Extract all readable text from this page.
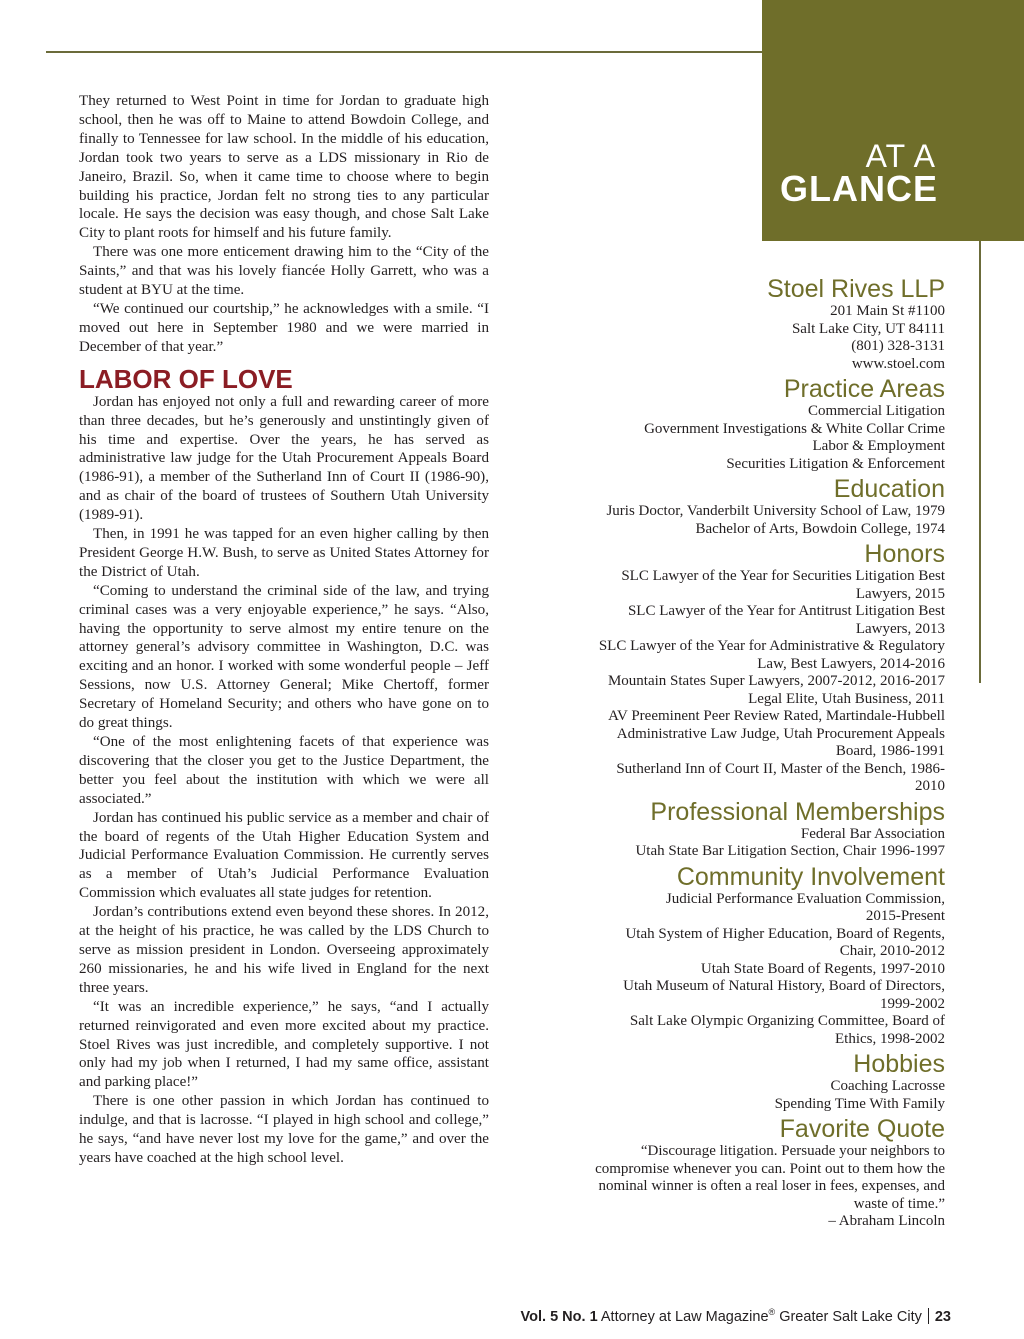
AT A
GLANCE

They returned to West Point in time for Jordan to graduate high school, then he was off to Maine to attend Bowdoin College, and finally to Tennessee for law school. In the middle of his education, Jordan took two years to serve as a LDS missionary in Rio de Janeiro, Brazil. So, when it came time to choose where to begin building his practice, Jordan felt no strong ties to any particular locale. He says the decision was easy though, and chose Salt Lake City to plant roots for himself and his future family.

There was one more enticement drawing him to the “City of the Saints,” and that was his lovely fiancée Holly Garrett, who was a student at BYU at the time.

“We continued our courtship,” he acknowledges with a smile. “I moved out here in September 1980 and we were married in December of that year.”

LABOR OF LOVE

Jordan has enjoyed not only a full and rewarding career of more than three decades, but he’s generously and unstintingly given of his time and expertise. Over the years, he has served as administrative law judge for the Utah Procurement Appeals Board (1986-91), a member of the Sutherland Inn of Court II (1986-90), and as chair of the board of trustees of Southern Utah University (1989-91).

Then, in 1991 he was tapped for an even higher calling by then President George H.W. Bush, to serve as United States Attorney for the District of Utah.

“Coming to understand the criminal side of the law, and trying criminal cases was a very enjoyable experience,” he says. “Also, having the opportunity to serve almost my entire tenure on the attorney general’s advisory committee in Washington, D.C. was exciting and an honor. I worked with some wonderful people – Jeff Sessions, now U.S. Attorney General; Mike Chertoff, former Secretary of Homeland Security; and others who have gone on to do great things.

“One of the most enlightening facets of that experience was discovering that the closer you get to the Justice Department, the better you feel about the institution with which we were all associated.”

Jordan has continued his public service as a member and chair of the board of regents of the Utah Higher Education System and Judicial Performance Evaluation Commission. He currently serves as a member of Utah’s Judicial Performance Evaluation Commission which evaluates all state judges for retention.

Jordan’s contributions extend even beyond these shores. In 2012, at the height of his practice, he was called by the LDS Church to serve as mission president in London. Overseeing approximately 260 missionaries, he and his wife lived in England for the next three years.

“It was an incredible experience,” he says, “and I actually returned reinvigorated and even more excited about my practice. Stoel Rives was just incredible, and completely supportive. I not only had my job when I returned, I had my same office, assistant and parking place!”

There is one other passion in which Jordan has continued to indulge, and that is lacrosse. “I played in high school and college,” he says, “and have never lost my love for the game,” and over the years have coached at the high school level.

Stoel Rives LLP
201 Main St #1100
Salt Lake City, UT 84111
(801) 328-3131
www.stoel.com
Practice Areas
Commercial Litigation
Government Investigations & White Collar Crime
Labor & Employment
Securities Litigation & Enforcement
Education
Juris Doctor, Vanderbilt University School of Law, 1979
Bachelor of Arts, Bowdoin College, 1974
Honors
SLC Lawyer of the Year for Securities Litigation Best
Lawyers, 2015
SLC Lawyer of the Year for Antitrust Litigation Best
Lawyers, 2013
SLC Lawyer of the Year for Administrative & Regulatory
Law, Best Lawyers, 2014-2016
Mountain States Super Lawyers, 2007-2012, 2016-2017
Legal Elite, Utah Business, 2011
AV Preeminent Peer Review Rated, Martindale-Hubbell
Administrative Law Judge, Utah Procurement Appeals
Board, 1986-1991
Sutherland Inn of Court II, Master of the Bench, 1986-
2010
Professional Memberships
Federal Bar Association
Utah State Bar Litigation Section, Chair 1996-1997
Community Involvement
Judicial Performance Evaluation Commission,
2015-Present
Utah System of Higher Education, Board of Regents,
Chair, 2010-2012
Utah State Board of Regents, 1997-2010
Utah Museum of Natural History, Board of Directors,
1999-2002
Salt Lake Olympic Organizing Committee, Board of
Ethics, 1998-2002
Hobbies
Coaching Lacrosse
Spending Time With Family
Favorite Quote
“Discourage litigation. Persuade your neighbors to
compromise whenever you can. Point out to them how the
nominal winner is often a real loser in fees, expenses, and
waste of time.”
– Abraham Lincoln
Vol. 5 No. 1 Attorney at Law Magazine® Greater Salt Lake City 23
